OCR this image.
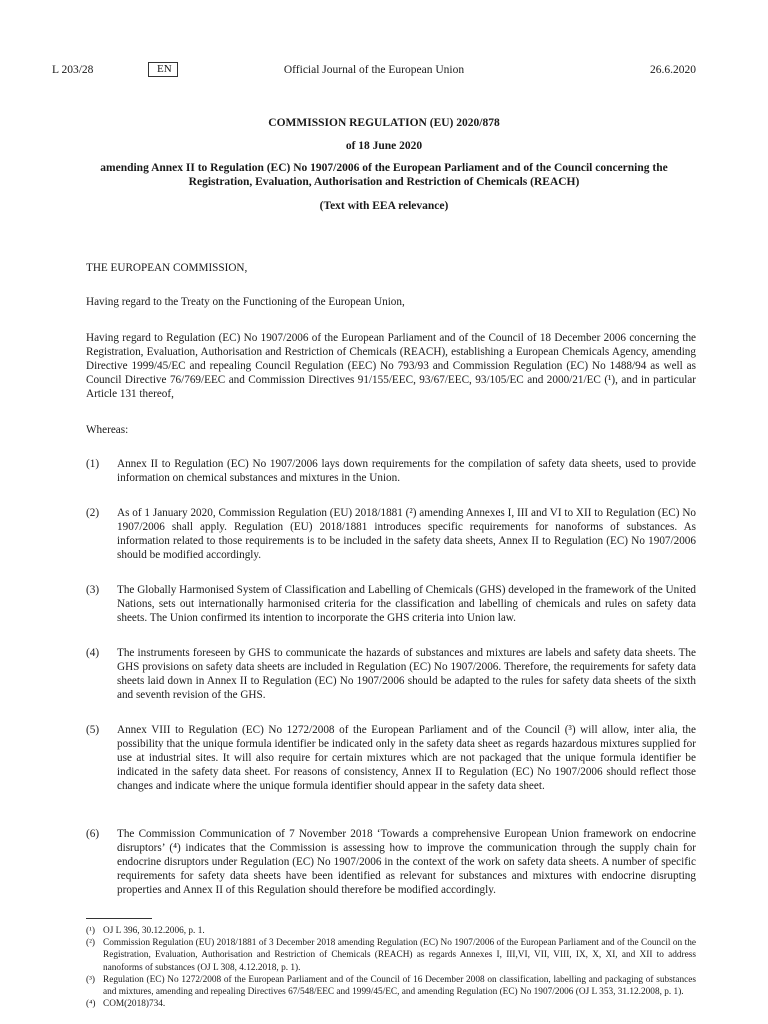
L 203/28	EN	Official Journal of the European Union	26.6.2020
COMMISSION REGULATION (EU) 2020/878
of 18 June 2020
amending Annex II to Regulation (EC) No 1907/2006 of the European Parliament and of the Council concerning the Registration, Evaluation, Authorisation and Restriction of Chemicals (REACH)
(Text with EEA relevance)
THE EUROPEAN COMMISSION,
Having regard to the Treaty on the Functioning of the European Union,
Having regard to Regulation (EC) No 1907/2006 of the European Parliament and of the Council of 18 December 2006 concerning the Registration, Evaluation, Authorisation and Restriction of Chemicals (REACH), establishing a European Chemicals Agency, amending Directive 1999/45/EC and repealing Council Regulation (EEC) No 793/93 and Commission Regulation (EC) No 1488/94 as well as Council Directive 76/769/EEC and Commission Directives 91/155/EEC, 93/67/EEC, 93/105/EC and 2000/21/EC (¹), and in particular Article 131 thereof,
Whereas:
(1)	Annex II to Regulation (EC) No 1907/2006 lays down requirements for the compilation of safety data sheets, used to provide information on chemical substances and mixtures in the Union.
(2)	As of 1 January 2020, Commission Regulation (EU) 2018/1881 (²) amending Annexes I, III and VI to XII to Regulation (EC) No 1907/2006 shall apply. Regulation (EU) 2018/1881 introduces specific requirements for nanoforms of substances. As information related to those requirements is to be included in the safety data sheets, Annex II to Regulation (EC) No 1907/2006 should be modified accordingly.
(3)	The Globally Harmonised System of Classification and Labelling of Chemicals (GHS) developed in the framework of the United Nations, sets out internationally harmonised criteria for the classification and labelling of chemicals and rules on safety data sheets. The Union confirmed its intention to incorporate the GHS criteria into Union law.
(4)	The instruments foreseen by GHS to communicate the hazards of substances and mixtures are labels and safety data sheets. The GHS provisions on safety data sheets are included in Regulation (EC) No 1907/2006. Therefore, the requirements for safety data sheets laid down in Annex II to Regulation (EC) No 1907/2006 should be adapted to the rules for safety data sheets of the sixth and seventh revision of the GHS.
(5)	Annex VIII to Regulation (EC) No 1272/2008 of the European Parliament and of the Council (³) will allow, inter alia, the possibility that the unique formula identifier be indicated only in the safety data sheet as regards hazardous mixtures supplied for use at industrial sites. It will also require for certain mixtures which are not packaged that the unique formula identifier be indicated in the safety data sheet. For reasons of consistency, Annex II to Regulation (EC) No 1907/2006 should reflect those changes and indicate where the unique formula identifier should appear in the safety data sheet.
(6)	The Commission Communication of 7 November 2018 ‘Towards a comprehensive European Union framework on endocrine disruptors’ (⁴) indicates that the Commission is assessing how to improve the communication through the supply chain for endocrine disruptors under Regulation (EC) No 1907/2006 in the context of the work on safety data sheets. A number of specific requirements for safety data sheets have been identified as relevant for substances and mixtures with endocrine disrupting properties and Annex II of this Regulation should therefore be modified accordingly.
(¹) OJ L 396, 30.12.2006, p. 1.
(²) Commission Regulation (EU) 2018/1881 of 3 December 2018 amending Regulation (EC) No 1907/2006 of the European Parliament and of the Council on the Registration, Evaluation, Authorisation and Restriction of Chemicals (REACH) as regards Annexes I, III,VI, VII, VIII, IX, X, XI, and XII to address nanoforms of substances (OJ L 308, 4.12.2018, p. 1).
(³) Regulation (EC) No 1272/2008 of the European Parliament and of the Council of 16 December 2008 on classification, labelling and packaging of substances and mixtures, amending and repealing Directives 67/548/EEC and 1999/45/EC, and amending Regulation (EC) No 1907/2006 (OJ L 353, 31.12.2008, p. 1).
(⁴) COM(2018)734.
